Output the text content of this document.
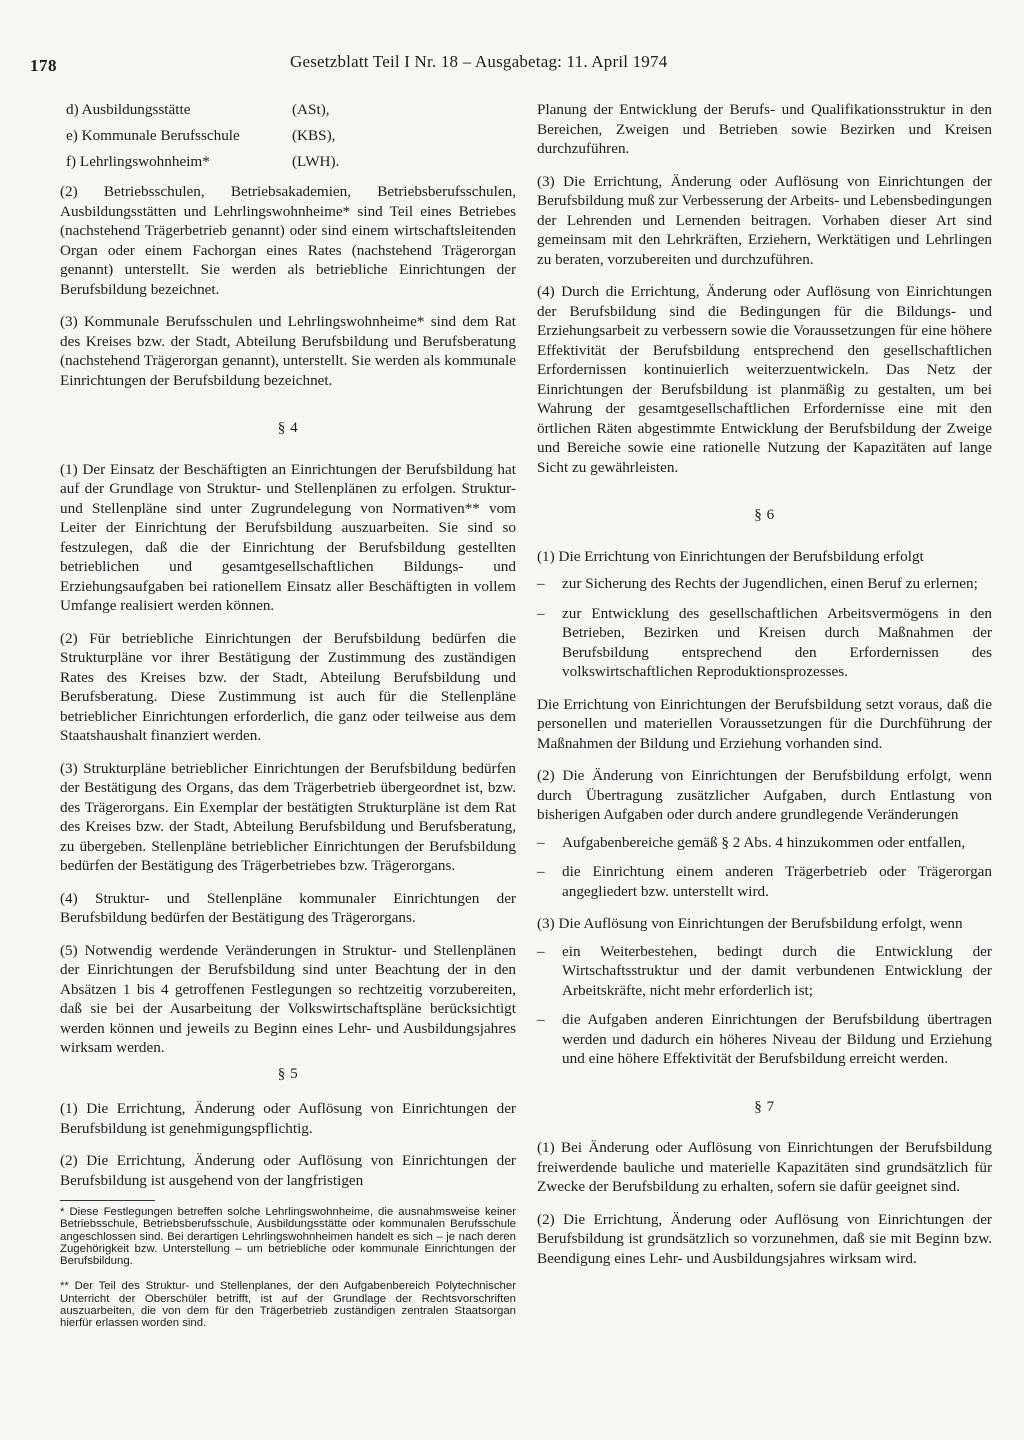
178	Gesetzblatt Teil I Nr. 18 – Ausgabetag: 11. April 1974
d) Ausbildungsstätte	(ASt),
e) Kommunale Berufsschule	(KBS),
f) Lehrlingswohnheim*	(LWH).

(2) Betriebsschulen, Betriebsakademien, Betriebsberufsschulen, Ausbildungsstätten und Lehrlingswohnheime* sind Teil eines Betriebes (nachstehend Trägerbetrieb genannt) oder sind einem wirtschaftsleitenden Organ oder einem Fachorgan eines Rates (nachstehend Trägerorgan genannt) unterstellt. Sie werden als betriebliche Einrichtungen der Berufsbildung bezeichnet.

(3) Kommunale Berufsschulen und Lehrlingswohnheime* sind dem Rat des Kreises bzw. der Stadt, Abteilung Berufsbildung und Berufsberatung (nachstehend Trägerorgan genannt), unterstellt. Sie werden als kommunale Einrichtungen der Berufsbildung bezeichnet.

§ 4

(1) Der Einsatz der Beschäftigten an Einrichtungen der Berufsbildung hat auf der Grundlage von Struktur- und Stellenplänen zu erfolgen. Struktur- und Stellenpläne sind unter Zugrundelegung von Normativen** vom Leiter der Einrichtung der Berufsbildung auszuarbeiten. Sie sind so festzulegen, daß die der Einrichtung der Berufsbildung gestellten betrieblichen und gesamtgesellschaftlichen Bildungs- und Erziehungsaufgaben bei rationellem Einsatz aller Beschäftigten in vollem Umfange realisiert werden können.

(2) Für betriebliche Einrichtungen der Berufsbildung bedürfen die Strukturpläne vor ihrer Bestätigung der Zustimmung des zuständigen Rates des Kreises bzw. der Stadt, Abteilung Berufsbildung und Berufsberatung. Diese Zustimmung ist auch für die Stellenpläne betrieblicher Einrichtungen erforderlich, die ganz oder teilweise aus dem Staatshaushalt finanziert werden.

(3) Strukturpläne betrieblicher Einrichtungen der Berufsbildung bedürfen der Bestätigung des Organs, das dem Trägerbetrieb übergeordnet ist, bzw. des Trägerorgans. Ein Exemplar der bestätigten Strukturpläne ist dem Rat des Kreises bzw. der Stadt, Abteilung Berufsbildung und Berufsberatung, zu übergeben. Stellenpläne betrieblicher Einrichtungen der Berufsbildung bedürfen der Bestätigung des Trägerbetriebes bzw. Trägerorgans.

(4) Struktur- und Stellenpläne kommunaler Einrichtungen der Berufsbildung bedürfen der Bestätigung des Trägerorgans.

(5) Notwendig werdende Veränderungen in Struktur- und Stellenplänen der Einrichtungen der Berufsbildung sind unter Beachtung der in den Absätzen 1 bis 4 getroffenen Festlegungen so rechtzeitig vorzubereiten, daß sie bei der Ausarbeitung der Volkswirtschaftspläne berücksichtigt werden können und jeweils zu Beginn eines Lehr- und Ausbildungsjahres wirksam werden.

§ 5

(1) Die Errichtung, Änderung oder Auflösung von Einrichtungen der Berufsbildung ist genehmigungspflichtig.

(2) Die Errichtung, Änderung oder Auflösung von Einrichtungen der Berufsbildung ist ausgehend von der langfristigen

* Diese Festlegungen betreffen solche Lehrlingswohnheime, die ausnahmsweise keiner Betriebsschule, Betriebsberufsschule, Ausbildungsstätte oder kommunalen Berufsschule angeschlossen sind. Bei derartigen Lehrlingswohnheimen handelt es sich – je nach deren Zugehörigkeit bzw. Unterstellung – um betriebliche oder kommunale Einrichtungen der Berufsbildung.

** Der Teil des Struktur- und Stellenplanes, der den Aufgabenbereich Polytechnischer Unterricht der Oberschüler betrifft, ist auf der Grundlage der Rechtsvorschriften auszuarbeiten, die von dem für den Trägerbetrieb zuständigen zentralen Staatsorgan hierfür erlassen worden sind.

Planung der Entwicklung der Berufs- und Qualifikationsstruktur in den Bereichen, Zweigen und Betrieben sowie Bezirken und Kreisen durchzuführen.

(3) Die Errichtung, Änderung oder Auflösung von Einrichtungen der Berufsbildung muß zur Verbesserung der Arbeits- und Lebensbedingungen der Lehrenden und Lernenden beitragen. Vorhaben dieser Art sind gemeinsam mit den Lehrkräften, Erziehern, Werktätigen und Lehrlingen zu beraten, vorzubereiten und durchzuführen.

(4) Durch die Errichtung, Änderung oder Auflösung von Einrichtungen der Berufsbildung sind die Bedingungen für die Bildungs- und Erziehungsarbeit zu verbessern sowie die Voraussetzungen für eine höhere Effektivität der Berufsbildung entsprechend den gesellschaftlichen Erfordernissen kontinuierlich weiterzuentwickeln. Das Netz der Einrichtungen der Berufsbildung ist planmäßig zu gestalten, um bei Wahrung der gesamtgesellschaftlichen Erfordernisse eine mit den örtlichen Räten abgestimmte Entwicklung der Berufsbildung der Zweige und Bereiche sowie eine rationelle Nutzung der Kapazitäten auf lange Sicht zu gewährleisten.

§ 6

(1) Die Errichtung von Einrichtungen der Berufsbildung erfolgt

–	zur Sicherung des Rechts der Jugendlichen, einen Beruf zu erlernen;
–	zur Entwicklung des gesellschaftlichen Arbeitsvermögens in den Betrieben, Bezirken und Kreisen durch Maßnahmen der Berufsbildung entsprechend den Erfordernissen des volkswirtschaftlichen Reproduktionsprozesses.

Die Errichtung von Einrichtungen der Berufsbildung setzt voraus, daß die personellen und materiellen Voraussetzungen für die Durchführung der Maßnahmen der Bildung und Erziehung vorhanden sind.

(2) Die Änderung von Einrichtungen der Berufsbildung erfolgt, wenn durch Übertragung zusätzlicher Aufgaben, durch Entlastung von bisherigen Aufgaben oder durch andere grundlegende Veränderungen

–	Aufgabenbereiche gemäß § 2 Abs. 4 hinzukommen oder entfallen,
–	die Einrichtung einem anderen Trägerbetrieb oder Trägerorgan angegliedert bzw. unterstellt wird.

(3) Die Auflösung von Einrichtungen der Berufsbildung erfolgt, wenn

–	ein Weiterbestehen, bedingt durch die Entwicklung der Wirtschaftsstruktur und der damit verbundenen Entwicklung der Arbeitskräfte, nicht mehr erforderlich ist;
–	die Aufgaben anderen Einrichtungen der Berufsbildung übertragen werden und dadurch ein höheres Niveau der Bildung und Erziehung und eine höhere Effektivität der Berufsbildung erreicht werden.
§ 7

(1) Bei Änderung oder Auflösung von Einrichtungen der Berufsbildung freiwerdende bauliche und materielle Kapazitäten sind grundsätzlich für Zwecke der Berufsbildung zu erhalten, sofern sie dafür geeignet sind.

(2) Die Errichtung, Änderung oder Auflösung von Einrichtungen der Berufsbildung ist grundsätzlich so vorzunehmen, daß sie mit Beginn bzw. Beendigung eines Lehr- und Ausbildungsjahres wirksam wird.
